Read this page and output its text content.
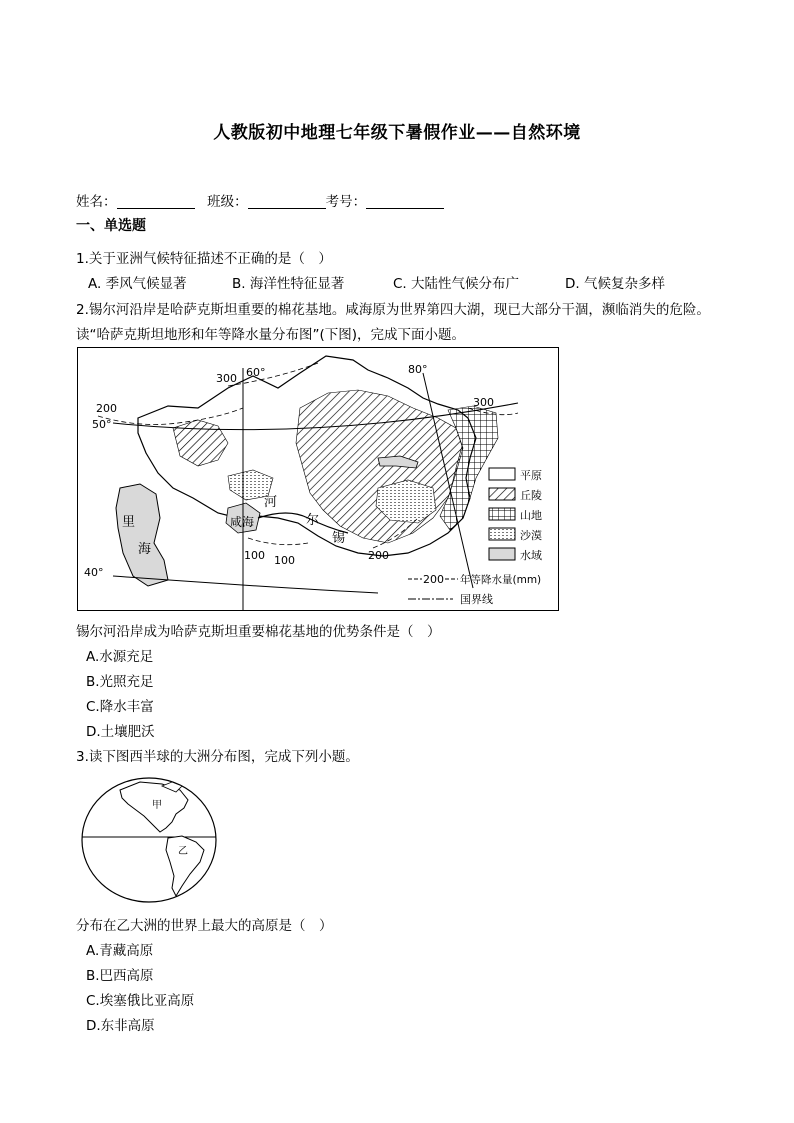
人教版初中地理七年级下暑假作业——自然环境
姓名：	班级：	考号：
一、单选题
1.关于亚洲气候特征描述不正确的是（　）
A. 季风气候显著	B. 海洋性特征显著	C. 大陆性气候分布广	D. 气候复杂多样
2.锡尔河沿岸是哈萨克斯坦重要的棉花基地。咸海原为世界第四大湖，现已大部分干涸，濒临消失的危险。
读“哈萨克斯坦地形和年等降水量分布图”(下图)，完成下面小题。
300 60°	80°
300
200
50°
40°
100 100	200
里
海
咸海
河
尔
锡
平原
丘陵
山地
沙漠
水域
200 年等降水量(mm)
国界线
锡尔河沿岸成为哈萨克斯坦重要棉花基地的优势条件是（　）
A.水源充足
B.光照充足
C.降水丰富
D.土壤肥沃
3.读下图西半球的大洲分布图，完成下列小题。
甲
乙
分布在乙大洲的世界上最大的高原是（　）
A.青藏高原
B.巴西高原
C.埃塞俄比亚高原
D.东非高原
